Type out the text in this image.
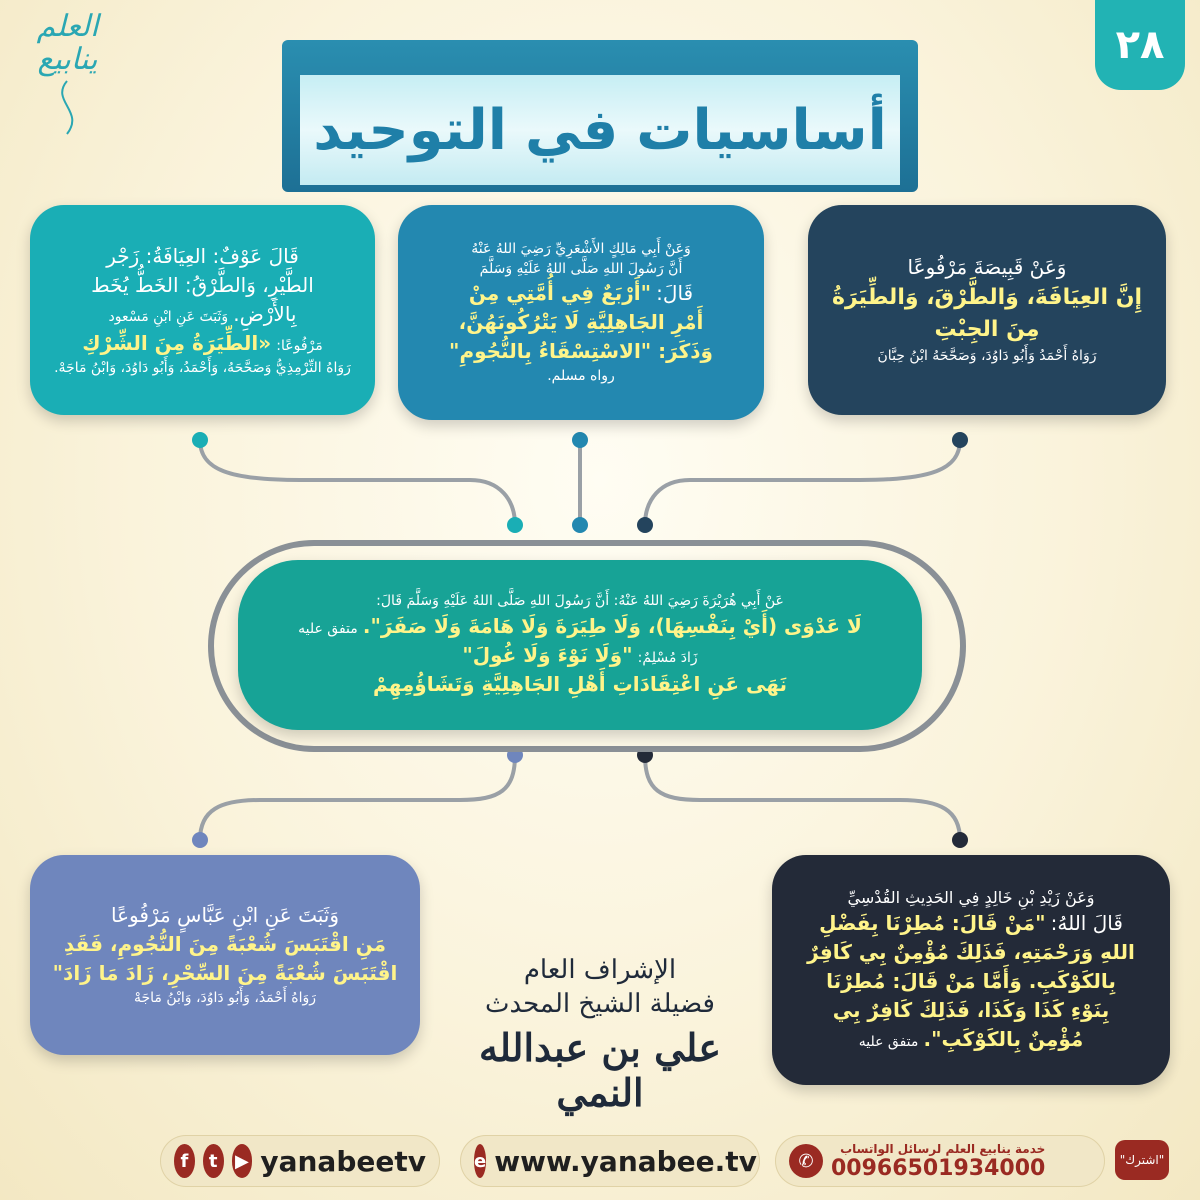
العلم
ينابيع	٢٨
أساسيات
في
التوحيد
قَالَ عَوْفٌ: العِيَافَةُ: زَجْر
الطَّيْرِ، وَالطَّرْقُ: الخَطُّ يُخَط
بِالأَرْضِ. وَثَبَتَ عَنِ ابْنِ مَسْعود
مَرْفُوعًا: «الطِّيَرَةُ مِنَ الشِّرْكِ
رَوَاهُ التِّرْمِذِيُّ وَصَحَّحَهُ، وَأَحْمَدُ، وَأَبُو دَاوُدَ، وَابْنُ مَاجَهْ.
وَعَنْ أَبِي مَالِكٍ الأَشْعَرِيِّ رَضِيَ اللهُ عَنْهُ
أَنَّ رَسُولَ اللهِ صَلَّى اللهُ عَلَيْهِ وَسَلَّمَ
قَالَ: "أَرْبَعٌ فِي أُمَّتِي مِنْ
أَمْرِ الجَاهِلِيَّةِ لَا يَتْرُكُونَهُنَّ،
وَذَكَرَ: "الاسْتِسْقَاءُ بِالنُّجُومِ"
رواه مسلم.
وَعَنْ قَبِيصَةَ مَرْفُوعًا
إِنَّ العِيَافَةَ، وَالطَّرْقَ، وَالطِّيَرَةُ
مِنَ الجِبْتِ
رَوَاهُ أَحْمَدُ وَأَبُو دَاوُدَ، وَصَحَّحَهُ ابْنُ حِبَّانَ
عَنْ أَبِي هُرَيْرَةَ رَضِيَ اللهُ عَنْهُ: أَنَّ رَسُولَ اللهِ صَلَّى اللهُ عَلَيْهِ وَسَلَّمَ قَالَ:
لَا عَدْوَى (أَيْ بِنَفْسِهَا)، وَلَا طِيَرَةَ وَلَا هَامَةَ وَلَا صَفَرَ". متفق عليه
زَادَ مُسْلِمٌ: "وَلَا نَوْءَ وَلَا غُولَ"
نَهَى عَنِ اعْتِقَادَاتِ أَهْلِ الجَاهِلِيَّةِ وَتَشَاؤُمِهِمْ
وَثَبَتَ عَنِ ابْنِ عَبَّاسٍ مَرْفُوعًا
مَنِ اقْتَبَسَ شُعْبَةً مِنَ النُّجُومِ، فَقَدِ
اقْتَبَسَ شُعْبَةً مِنَ السِّحْرِ، زَادَ مَا زَادَ"
رَوَاهُ أَحْمَدُ، وَأَبُو دَاوُدَ، وَابْنُ مَاجَهْ
وَعَنْ زَيْدِ بْنِ خَالِدٍ فِي الحَدِيثِ القُدْسِيِّ
قَالَ اللهُ: "مَنْ قَالَ: مُطِرْنَا بِفَضْلِ
اللهِ وَرَحْمَتِهِ، فَذَلِكَ مُؤْمِنٌ بِي كَافِرٌ
بِالكَوْكَبِ. وَأَمَّا مَنْ قَالَ: مُطِرْنَا
بِنَوْءِ كَذَا وَكَذَا، فَذَلِكَ كَافِرٌ بِي
مُؤْمِنٌ بِالكَوْكَبِ". متفق عليه
الإشراف العام
فضيلة الشيخ المحدث
علي بن عبدالله النمي
f	t ▶ yanabeetv	e www.yanabee.tv	✆
خدمة ينابيع العلم لرسائل الواتساب
00966501934000	"اشترك"
